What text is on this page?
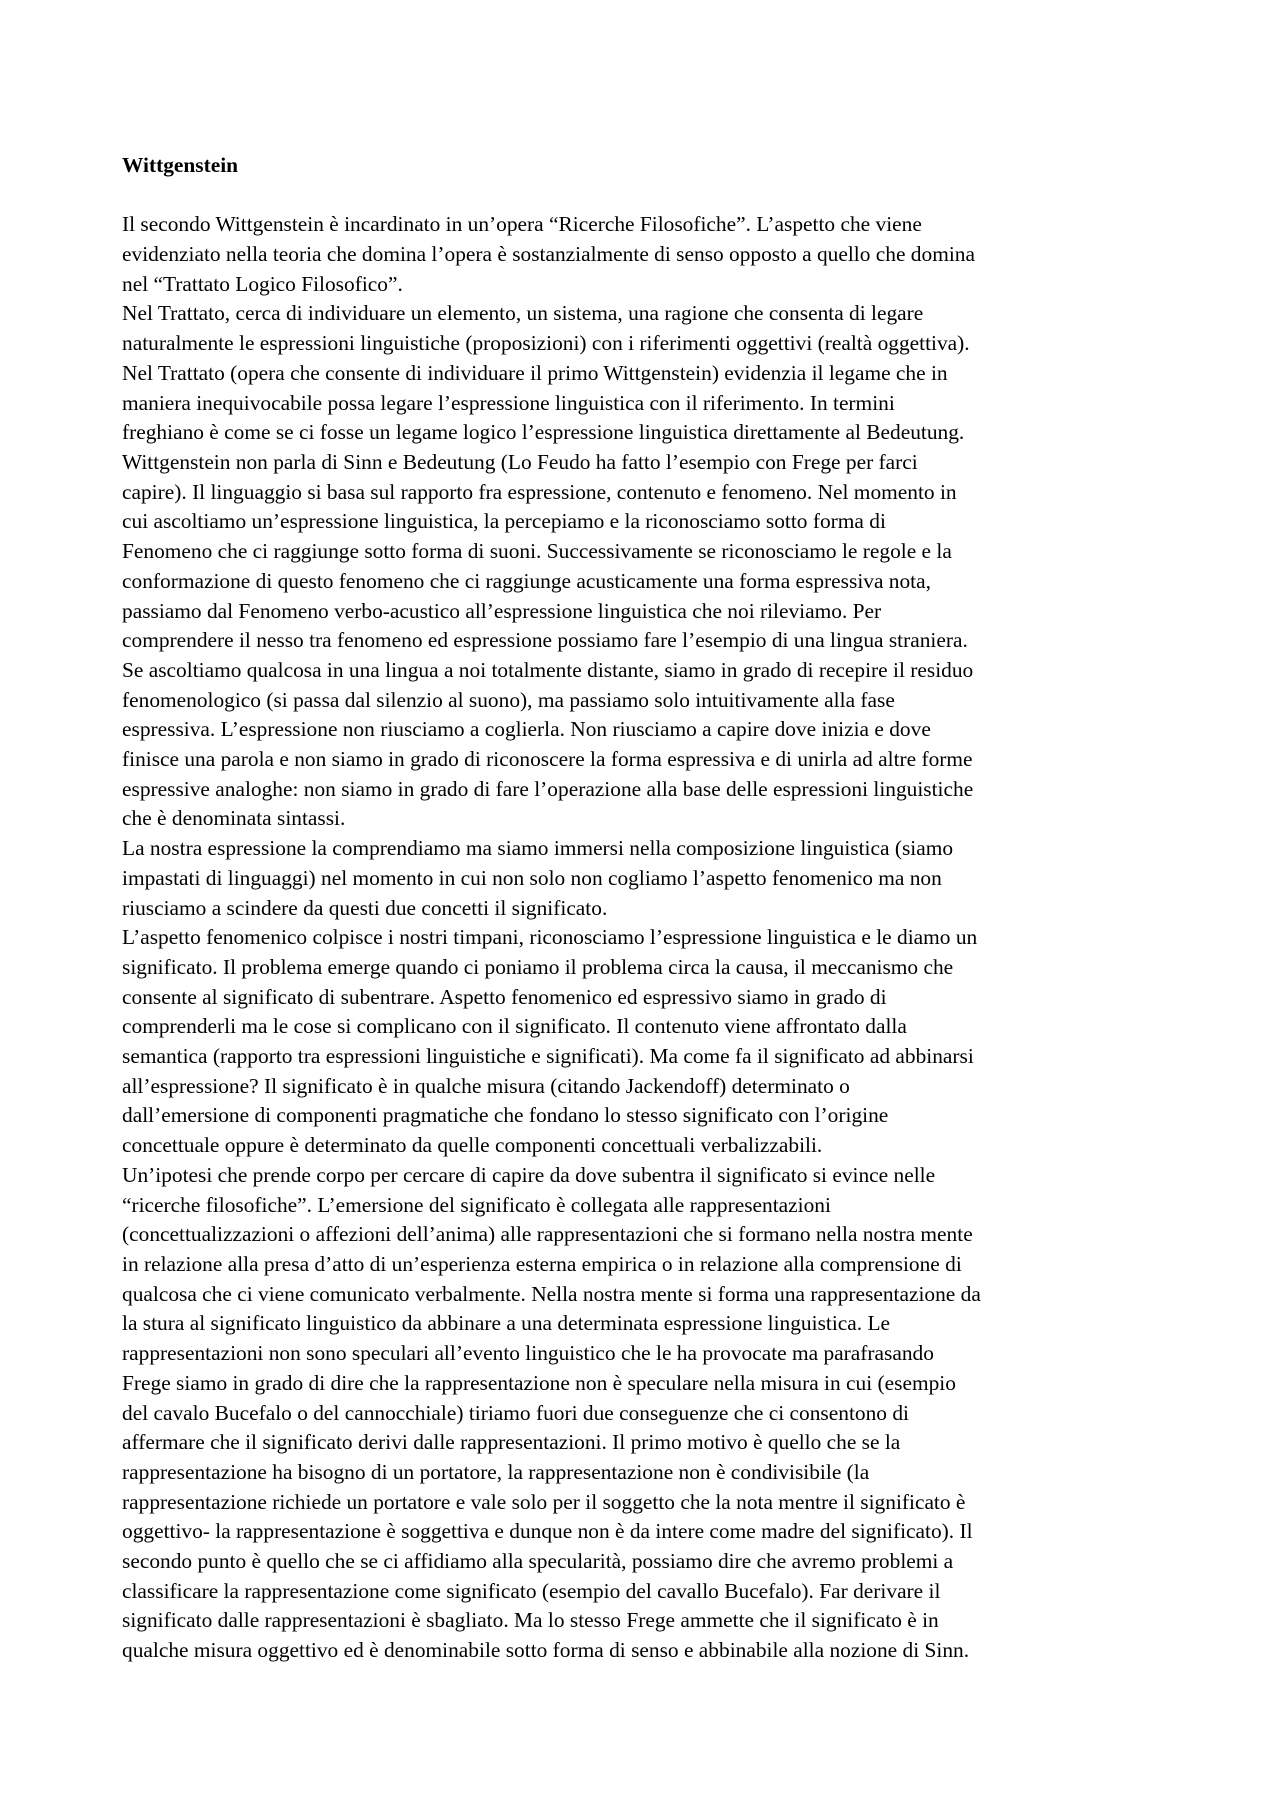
Wittgenstein
Il secondo Wittgenstein è incardinato in un’opera “Ricerche Filosofiche”. L’aspetto che viene
evidenziato nella teoria che domina l’opera è sostanzialmente di senso opposto a quello che domina
nel “Trattato Logico Filosofico”.
Nel Trattato, cerca di individuare un elemento, un sistema, una ragione che consenta di legare
naturalmente le espressioni linguistiche (proposizioni) con i riferimenti oggettivi (realtà oggettiva).
Nel Trattato (opera che consente di individuare il primo Wittgenstein) evidenzia il legame che in
maniera inequivocabile possa legare l’espressione linguistica con il riferimento. In termini
freghiano è come se ci fosse un legame logico l’espressione linguistica direttamente al Bedeutung.
Wittgenstein non parla di Sinn e Bedeutung (Lo Feudo ha fatto l’esempio con Frege per farci
capire). Il linguaggio si basa sul rapporto fra espressione, contenuto e fenomeno. Nel momento in
cui ascoltiamo un’espressione linguistica, la percepiamo e la riconosciamo sotto forma di
Fenomeno che ci raggiunge sotto forma di suoni. Successivamente se riconosciamo le regole e la
conformazione di questo fenomeno che ci raggiunge acusticamente una forma espressiva nota,
passiamo dal Fenomeno verbo-acustico all’espressione linguistica che noi rileviamo. Per
comprendere il nesso tra fenomeno ed espressione possiamo fare l’esempio di una lingua straniera.
Se ascoltiamo qualcosa in una lingua a noi totalmente distante, siamo in grado di recepire il residuo
fenomenologico (si passa dal silenzio al suono), ma passiamo solo intuitivamente alla fase
espressiva. L’espressione non riusciamo a coglierla. Non riusciamo a capire dove inizia e dove
finisce una parola e non siamo in grado di riconoscere la forma espressiva e di unirla ad altre forme
espressive analoghe: non siamo in grado di fare l’operazione alla base delle espressioni linguistiche
che è denominata sintassi.
La nostra espressione la comprendiamo ma siamo immersi nella composizione linguistica (siamo
impastati di linguaggi) nel momento in cui non solo non cogliamo l’aspetto fenomenico ma non
riusciamo a scindere da questi due concetti il significato.
L’aspetto fenomenico colpisce i nostri timpani, riconosciamo l’espressione linguistica e le diamo un
significato. Il problema emerge quando ci poniamo il problema circa la causa, il meccanismo che
consente al significato di subentrare. Aspetto fenomenico ed espressivo siamo in grado di
comprenderli ma le cose si complicano con il significato. Il contenuto viene affrontato dalla
semantica (rapporto tra espressioni linguistiche e significati). Ma come fa il significato ad abbinarsi
all’espressione? Il significato è in qualche misura (citando Jackendoff) determinato o
dall’emersione di componenti pragmatiche che fondano lo stesso significato con l’origine
concettuale oppure è determinato da quelle componenti concettuali verbalizzabili.
Un’ipotesi che prende corpo per cercare di capire da dove subentra il significato si evince nelle
“ricerche filosofiche”. L’emersione del significato è collegata alle rappresentazioni
(concettualizzazioni o affezioni dell’anima) alle rappresentazioni che si formano nella nostra mente
in relazione alla presa d’atto di un’esperienza esterna empirica o in relazione alla comprensione di
qualcosa che ci viene comunicato verbalmente. Nella nostra mente si forma una rappresentazione da
la stura al significato linguistico da abbinare a una determinata espressione linguistica. Le
rappresentazioni non sono speculari all’evento linguistico che le ha provocate ma parafrasando
Frege siamo in grado di dire che la rappresentazione non è speculare nella misura in cui (esempio
del cavalo Bucefalo o del cannocchiale) tiriamo fuori due conseguenze che ci consentono di
affermare che il significato derivi dalle rappresentazioni. Il primo motivo è quello che se la
rappresentazione ha bisogno di un portatore, la rappresentazione non è condivisibile (la
rappresentazione richiede un portatore e vale solo per il soggetto che la nota mentre il significato è
oggettivo- la rappresentazione è soggettiva e dunque non è da intere come madre del significato). Il
secondo punto è quello che se ci affidiamo alla specularità, possiamo dire che avremo problemi a
classificare la rappresentazione come significato (esempio del cavallo Bucefalo). Far derivare il
significato dalle rappresentazioni è sbagliato. Ma lo stesso Frege ammette che il significato è in
qualche misura oggettivo ed è denominabile sotto forma di senso e abbinabile alla nozione di Sinn.
